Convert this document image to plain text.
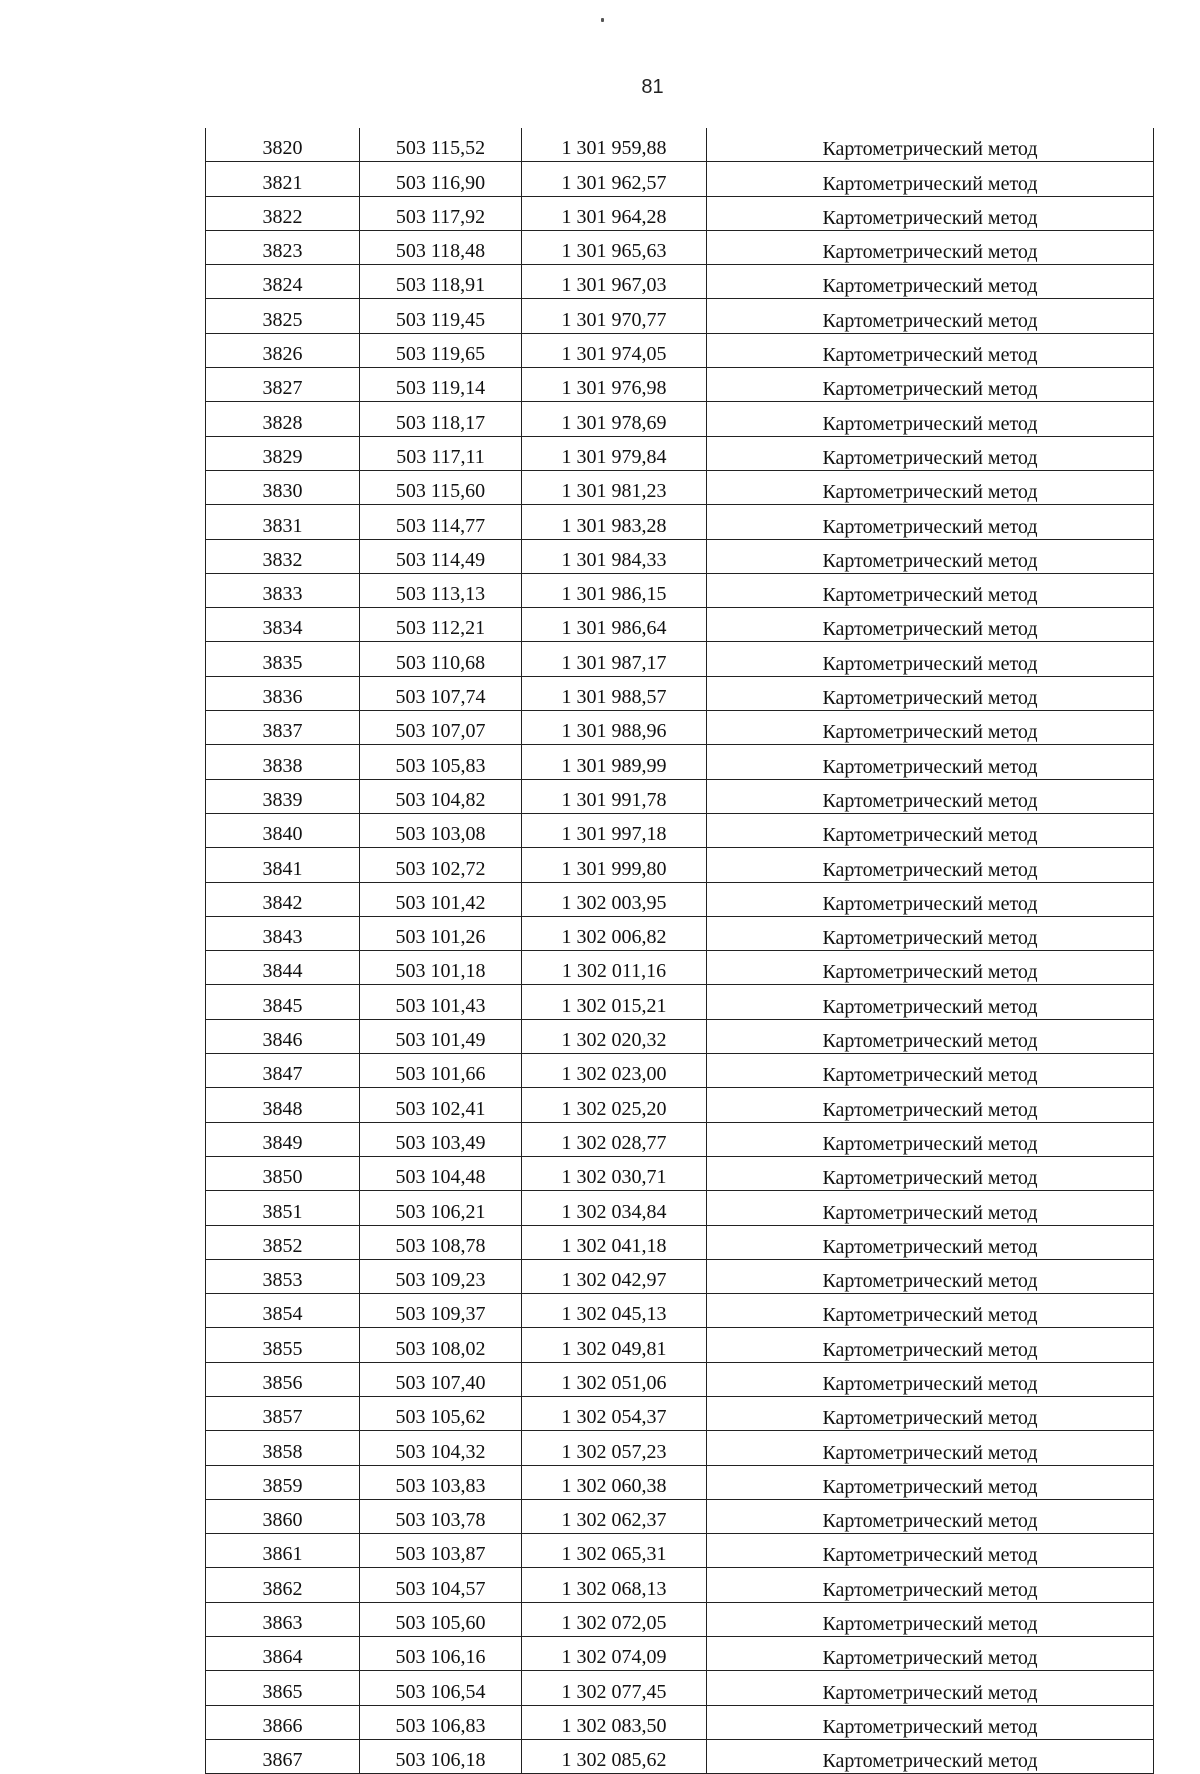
81
3820	503 115,52	1 301 959,88	Картометрический метод
3821	503 116,90	1 301 962,57	Картометрический метод
3822	503 117,92	1 301 964,28	Картометрический метод
3823	503 118,48	1 301 965,63	Картометрический метод
3824	503 118,91	1 301 967,03	Картометрический метод
3825	503 119,45	1 301 970,77	Картометрический метод
3826	503 119,65	1 301 974,05	Картометрический метод
3827	503 119,14	1 301 976,98	Картометрический метод
3828	503 118,17	1 301 978,69	Картометрический метод
3829	503 117,11	1 301 979,84	Картометрический метод
3830	503 115,60	1 301 981,23	Картометрический метод
3831	503 114,77	1 301 983,28	Картометрический метод
3832	503 114,49	1 301 984,33	Картометрический метод
3833	503 113,13	1 301 986,15	Картометрический метод
3834	503 112,21	1 301 986,64	Картометрический метод
3835	503 110,68	1 301 987,17	Картометрический метод
3836	503 107,74	1 301 988,57	Картометрический метод
3837	503 107,07	1 301 988,96	Картометрический метод
3838	503 105,83	1 301 989,99	Картометрический метод
3839	503 104,82	1 301 991,78	Картометрический метод
3840	503 103,08	1 301 997,18	Картометрический метод
3841	503 102,72	1 301 999,80	Картометрический метод
3842	503 101,42	1 302 003,95	Картометрический метод
3843	503 101,26	1 302 006,82	Картометрический метод
3844	503 101,18	1 302 011,16	Картометрический метод
3845	503 101,43	1 302 015,21	Картометрический метод
3846	503 101,49	1 302 020,32	Картометрический метод
3847	503 101,66	1 302 023,00	Картометрический метод
3848	503 102,41	1 302 025,20	Картометрический метод
3849	503 103,49	1 302 028,77	Картометрический метод
3850	503 104,48	1 302 030,71	Картометрический метод
3851	503 106,21	1 302 034,84	Картометрический метод
3852	503 108,78	1 302 041,18	Картометрический метод
3853	503 109,23	1 302 042,97	Картометрический метод
3854	503 109,37	1 302 045,13	Картометрический метод
3855	503 108,02	1 302 049,81	Картометрический метод
3856	503 107,40	1 302 051,06	Картометрический метод
3857	503 105,62	1 302 054,37	Картометрический метод
3858	503 104,32	1 302 057,23	Картометрический метод
3859	503 103,83	1 302 060,38	Картометрический метод
3860	503 103,78	1 302 062,37	Картометрический метод
3861	503 103,87	1 302 065,31	Картометрический метод
3862	503 104,57	1 302 068,13	Картометрический метод
3863	503 105,60	1 302 072,05	Картометрический метод
3864	503 106,16	1 302 074,09	Картометрический метод
3865	503 106,54	1 302 077,45	Картометрический метод
3866	503 106,83	1 302 083,50	Картометрический метод
3867	503 106,18	1 302 085,62	Картометрический метод
